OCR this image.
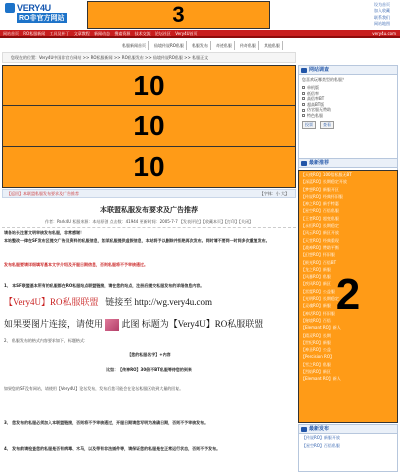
VERY4U
RO非官方网站	3	设为首页
加入收藏
联系我们
网站地图
网站首页 RO私服新闻 工具及补丁 文章教程 新闻动态 搜索资源 技术交流 论坛社区 Very4U首页	very4u.com
私服新闻首页	仙境传说RO私服	私服发布	奇迹私服	传奇私服	其他私服
您现在的位置：Very4U中国非官方网站 >> RO私服新闻 >> RO私服发布 >> 仙境传说RO私服 >> 私服正文
10
10
10
【返回】本联盟私服发布要求及广告推荐	【字体：小 大】
本联盟私服发布要求及广告推荐
作者：Park4U 私服来源：本站原创 点击数：41944 更新时间：2005-7-7 【发表评论】【收藏本页】【打印】【关闭】
请各站长注意文明审核发布私服，非常感谢！
本站整改一律在SF发布区提交广告及资料的私服信息，如某私服提供虚假信息，本站将予以删除并拒绝再次发布。同时请不要同一时间多次重复发布。
发布私服要请详细填写基本文字介绍及开服日期信息，否则私服将不予审核通过。
1、 本SF联盟基本所有的私服都在RO私服站点联盟链接，请在您的站点，注册后提交私服发布的详细信息内容。
【Very4U】RO私服联盟 链接至 http://wg.very4u.com
如果要图片连接，请使用 此图 标题为【Very4U】RO私服联盟
2、 私服发布的格式内容要求如下，标题格式：
【您的私服名字】+内容
比如：【传神RO】30倍不BT私服等待您的到来
如果您的SF没有网站，请使用【Very4U】论坛发布，发布后您可能会在论坛私服区收到大量的回复。
3、 您发布的私服必须加入本联盟链接，否则将不予审核通过，开服日期请您写明为准确日期，否则不予审核发布。
4、 发布前请检查您的私服是否有病毒、木马，以及带有非法插件等，请保证您的私服是在正常运行状态，否则不予发布。
网站调查
您喜欢玩哪类型的私服？
单机版
低倍率
高倍率BT
超高BT版
仿官服无赞助
特色私服
投票	查看
最新推荐
【天使RO】100倍私服无BT
【深蓝RO】长期稳定开放
【梦想RO】新服开区
【传说RO】经典怀旧服
【神之RO】新手特惠
【星空RO】百倍私服
【王者RO】超变私服
【永恒RO】长期稳定
【风云RO】新区开放
【天堂RO】经典重现
【战神RO】赞助平衡
【幻想RO】怀旧服
【极光RO】百倍BT
【龙之RO】新服
【风暴RO】私服
【疾风RO】新区
【雷霆RO】公益服
【光明RO】长期稳定
【灵魂RO】新服
【神话RO】怀旧服
【秘境RO】百倍
【Elemant RO】新人
【精灵RO】长期
【世纪RO】新服
【神圣RO】公益
【Percision RO】
【雪之RO】私服
【烈焰RO】新区
【Elemant RO】新人
2
最新发布
【传说RO】新服开放
【星空RO】百倍私服
